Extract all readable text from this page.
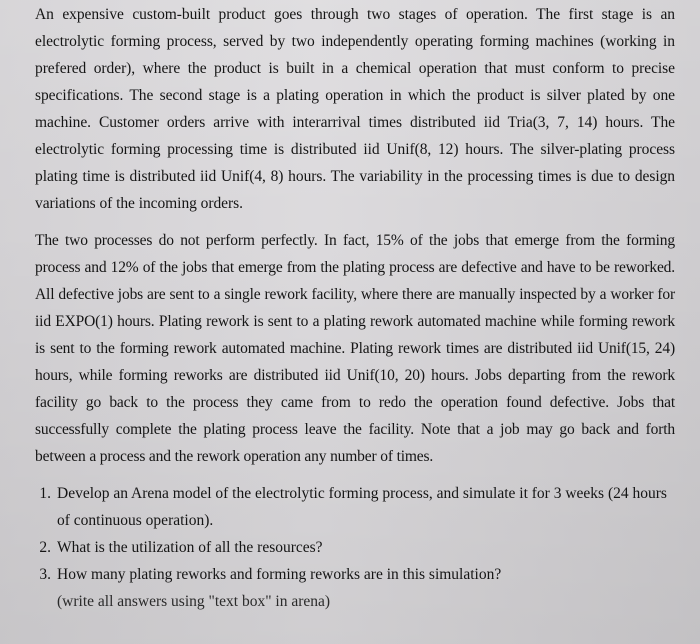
An expensive custom-built product goes through two stages of operation. The first stage is an electrolytic forming process, served by two independently operating forming machines (working in prefered order), where the product is built in a chemical operation that must conform to precise specifications. The second stage is a plating operation in which the product is silver plated by one machine. Customer orders arrive with interarrival times distributed iid Tria(3, 7, 14) hours. The electrolytic forming processing time is distributed iid Unif(8, 12) hours. The silver-plating process plating time is distributed iid Unif(4, 8) hours. The variability in the processing times is due to design variations of the incoming orders.

The two processes do not perform perfectly. In fact, 15% of the jobs that emerge from the forming process and 12% of the jobs that emerge from the plating process are defective and have to be reworked. All defective jobs are sent to a single rework facility, where there are manually inspected by a worker for iid EXPO(1) hours. Plating rework is sent to a plating rework automated machine while forming rework is sent to the forming rework automated machine. Plating rework times are distributed iid Unif(15, 24) hours, while forming reworks are distributed iid Unif(10, 20) hours. Jobs departing from the rework facility go back to the process they came from to redo the operation found defective. Jobs that successfully complete the plating process leave the facility. Note that a job may go back and forth between a process and the rework operation any number of times.

1. Develop an Arena model of the electrolytic forming process, and simulate it for 3 weeks (24 hours of continuous operation).
2. What is the utilization of all the resources?
3. How many plating reworks and forming reworks are in this simulation?
(write all answers using "text box" in arena)
